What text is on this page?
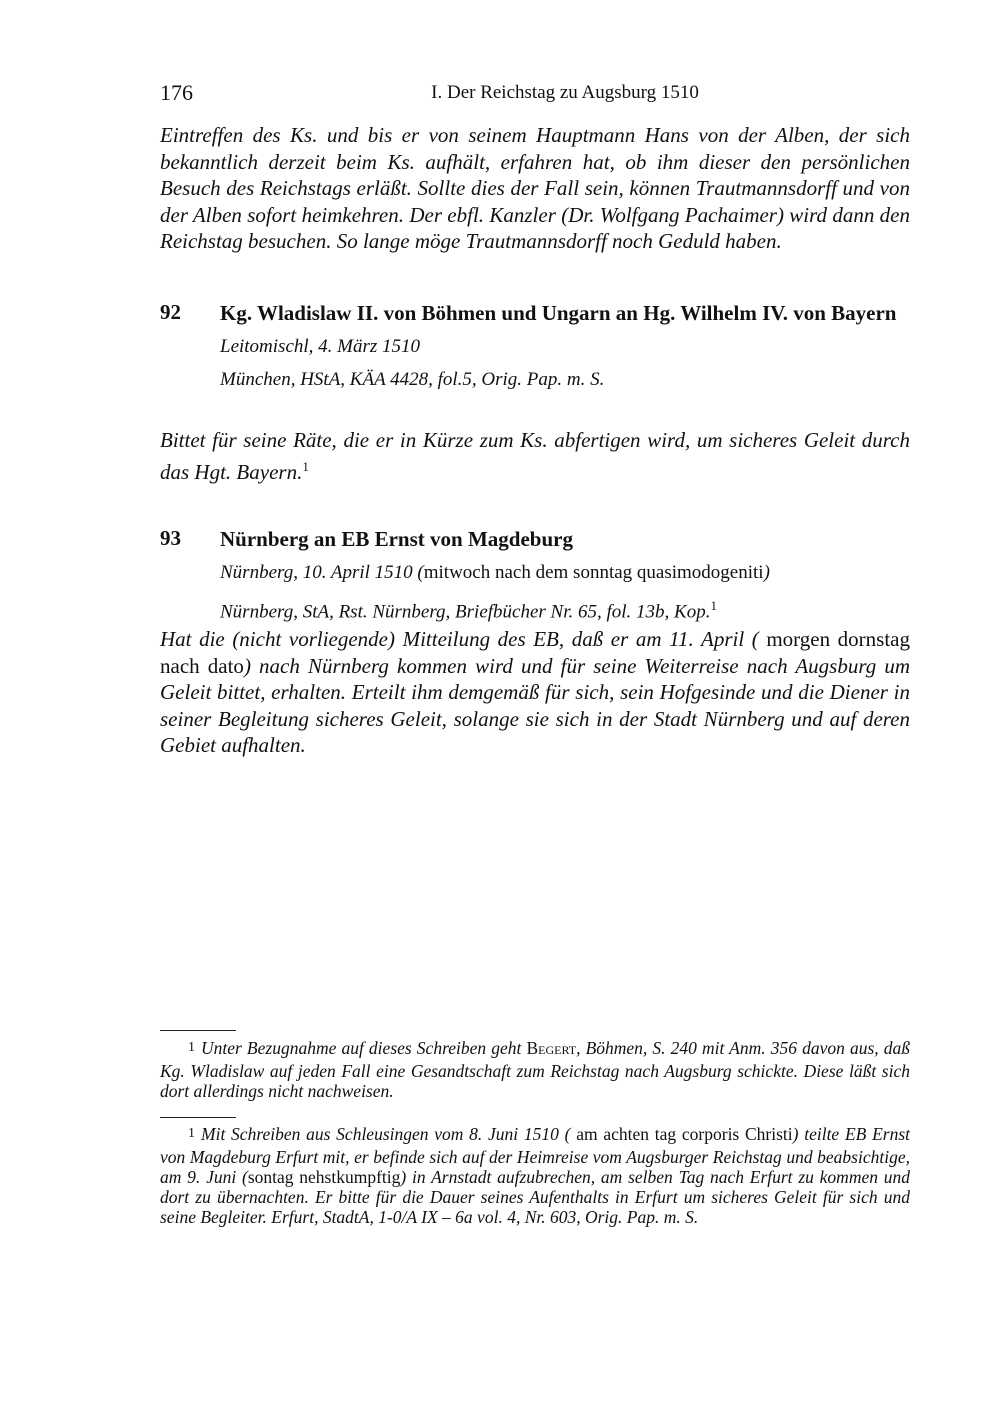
176	I. Der Reichstag zu Augsburg 1510
Eintreffen des Ks. und bis er von seinem Hauptmann Hans von der Alben, der sich bekanntlich derzeit beim Ks. aufhält, erfahren hat, ob ihm dieser den persönlichen Besuch des Reichstags erläßt. Sollte dies der Fall sein, können Trautmannsdorff und von der Alben sofort heimkehren. Der ebfl. Kanzler (Dr. Wolfgang Pachaimer) wird dann den Reichstag besuchen. So lange möge Trautmannsdorff noch Geduld haben.
92 Kg. Wladislaw II. von Böhmen und Ungarn an Hg. Wilhelm IV. von Bayern
Leitomischl, 4. März 1510
München, HStA, KÄA 4428, fol.5, Orig. Pap. m. S.
Bittet für seine Räte, die er in Kürze zum Ks. abfertigen wird, um sicheres Geleit durch das Hgt. Bayern.$^1$
93 Nürnberg an EB Ernst von Magdeburg
Nürnberg, 10. April 1510 (mitwoch nach dem sonntag quasimodogeniti)
Nürnberg, StA, Rst. Nürnberg, Briefbücher Nr. 65, fol. 13b, Kop.$^1$
Hat die (nicht vorliegende) Mitteilung des EB, daß er am 11. April ( morgen dornstag nach dato) nach Nürnberg kommen wird und für seine Weiterreise nach Augsburg um Geleit bittet, erhalten. Erteilt ihm demgemäß für sich, sein Hofgesinde und die Diener in seiner Begleitung sicheres Geleit, solange sie sich in der Stadt Nürnberg und auf deren Gebiet aufhalten.
1 Unter Bezugnahme auf dieses Schreiben geht Begert, Böhmen, S. 240 mit Anm. 356 davon aus, daß Kg. Wladislaw auf jeden Fall eine Gesandtschaft zum Reichstag nach Augsburg schickte. Diese läßt sich dort allerdings nicht nachweisen.
1 Mit Schreiben aus Schleusingen vom 8. Juni 1510 ( am achten tag corporis Christi) teilte EB Ernst von Magdeburg Erfurt mit, er befinde sich auf der Heimreise vom Augsburger Reichstag und beabsichtige, am 9. Juni (sontag nehstkumpftig) in Arnstadt aufzubrechen, am selben Tag nach Erfurt zu kommen und dort zu übernachten. Er bitte für die Dauer seines Aufenthalts in Erfurt um sicheres Geleit für sich und seine Begleiter. Erfurt, StadtA, 1-0/A IX – 6a vol. 4, Nr. 603, Orig. Pap. m. S.
